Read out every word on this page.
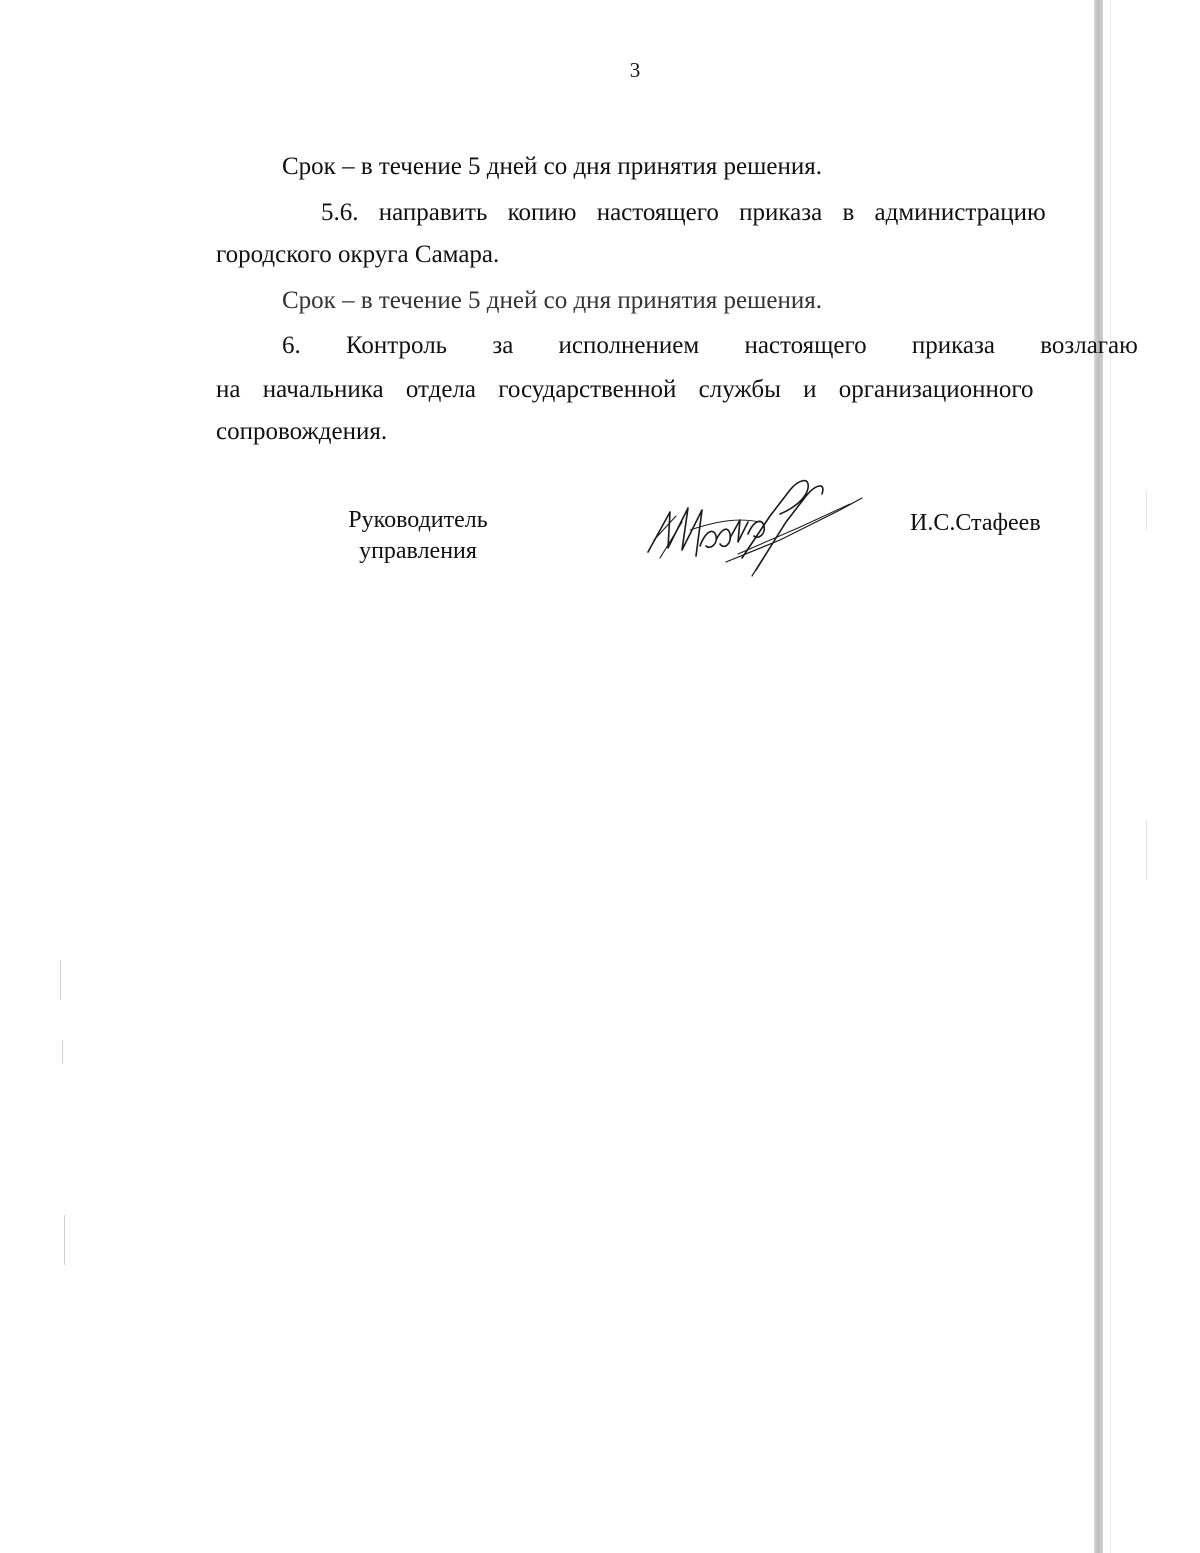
3
Срок – в течение 5 дней со дня принятия решения.
5.6. направить копию настоящего приказа в администрацию
городского округа Самара.
Срок – в течение 5 дней со дня принятия решения.
6. Контроль за исполнением настоящего приказа возлагаю
на начальника отдела государственной службы и организационного
сопровождения.
Руководитель
управления
И.С.Стафеев
